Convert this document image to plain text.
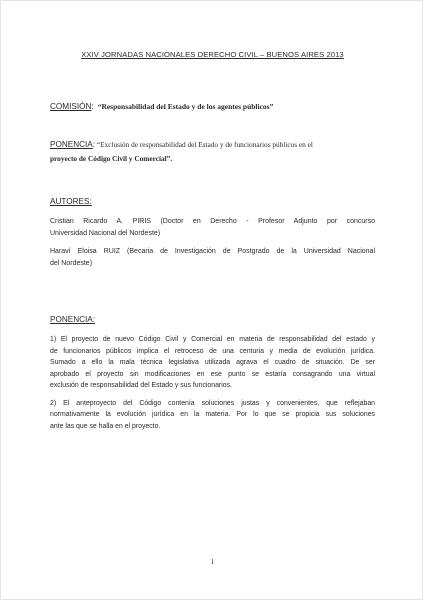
XXIV JORNADAS NACIONALES DERECHO CIVIL – BUENOS AIRES 2013
COMISIÓN: “Responsabilidad del Estado y de los agentes públicos”
PONENCIA: “Exclusión de responsabilidad del Estado y de funcionarios públicos en el
proyecto de Código Civil y Comercial”.
AUTORES:
Cristian Ricardo A. PIRIS (Doctor en Derecho - Profesor Adjunto por concurso
Universidad Nacional del Nordeste)
Haraví Eloisa RUIZ (Becaria de Investigación de Postgrado de la Universidad Nacional
del Nordeste)
PONENCIA:
1) El proyecto de nuevo Código Civil y Comercial en materia de responsabilidad del estado y
de funcionarios públicos implica el retroceso de una centuria y media de evolución jurídica.
Sumado a ello la mala técnica legislativa utilizada agrava el cuadro de situación. De ser
aprobado el proyecto sin modificaciones en ese punto se estaría consagrando una virtual
exclusión de responsabilidad del Estado y sus funcionarios.
2) El anteproyecto del Código contenía soluciones justas y convenientes, que reflejaban
normativamente la evolución jurídica en la materia. Por lo que se propicia sus soluciones
ante las que se halla en el proyecto.
1
